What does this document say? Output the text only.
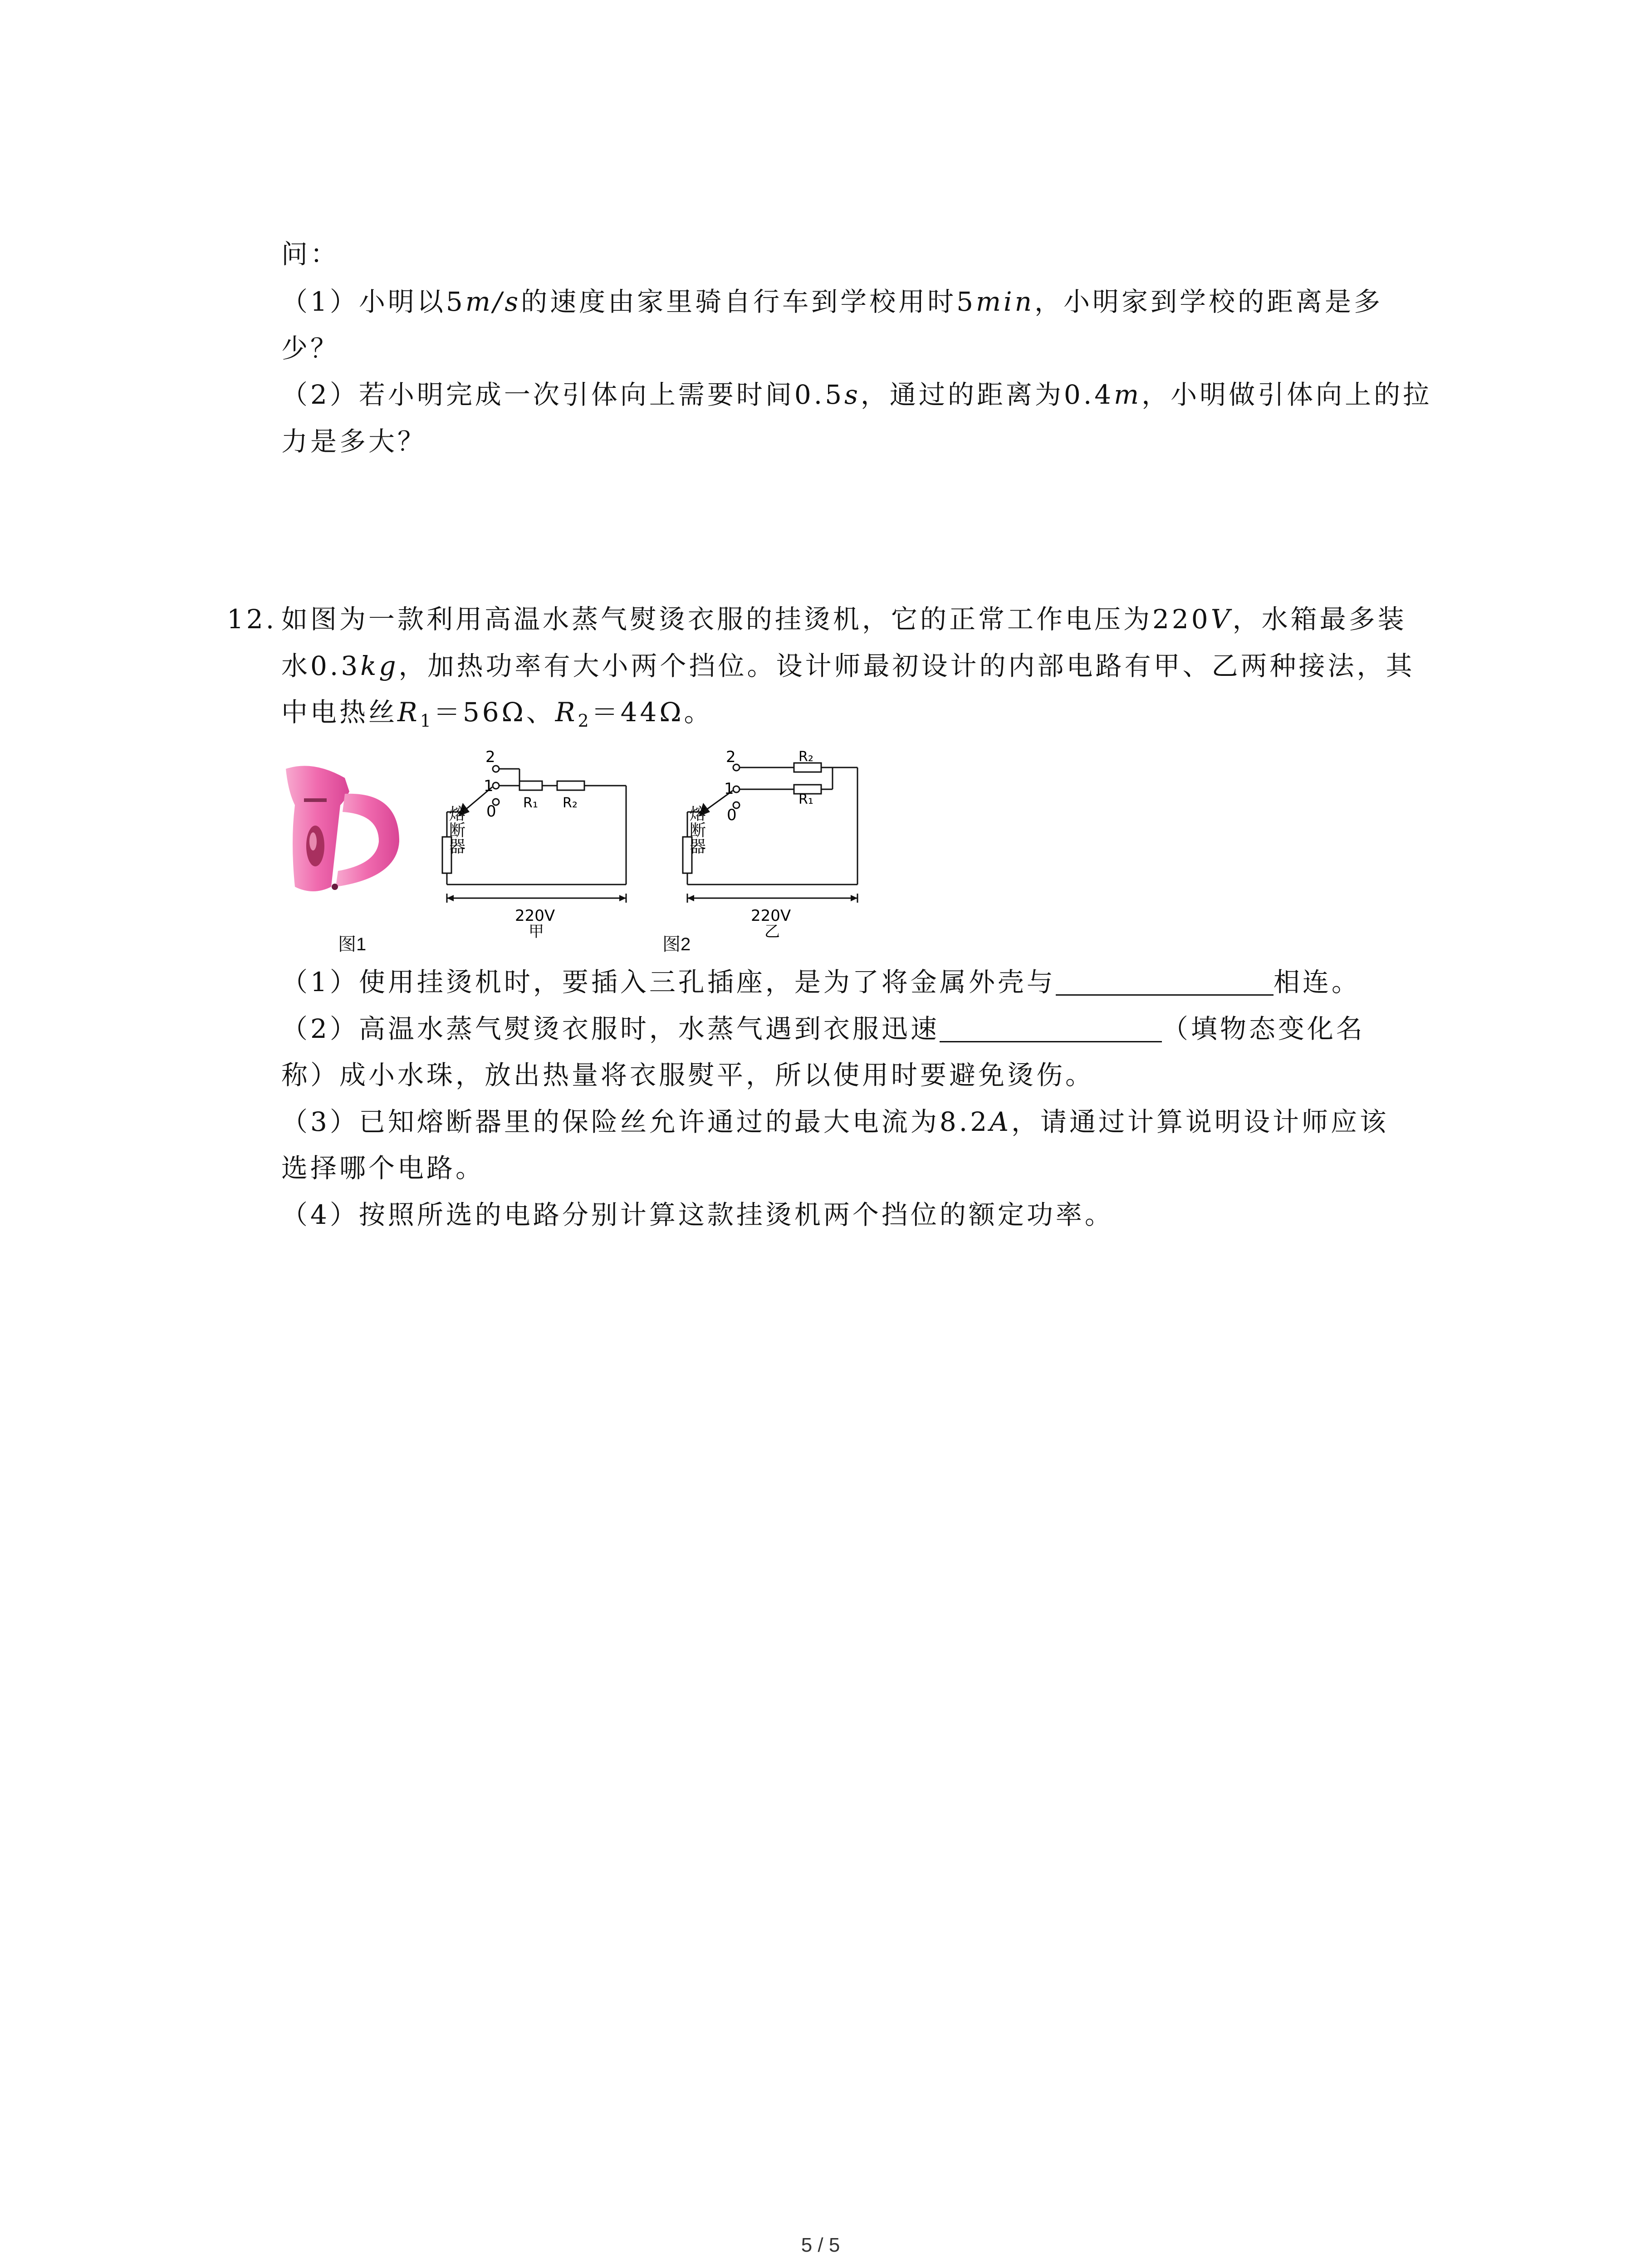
问：
（1）小明以5m/s的速度由家里骑自行车到学校用时5min，小明家到学校的距离是多
少？
（2）若小明完成一次引体向上需要时间0.5s，通过的距离为0.4m，小明做引体向上的拉
力是多大？
12. 如图为一款利用高温水蒸气熨烫衣服的挂烫机，它的正常工作电压为220V，水箱最多装
水0.3kg，加热功率有大小两个挡位。设计师最初设计的内部电路有甲、乙两种接法，其
中电热丝$R_1=56\Omega$、$R_2=44\Omega$。
图1
2
1
0 R₁ R₂
熔断器
220V
甲
2
1
0
R₂
R₁
熔断器
220V
乙
图2
（1）使用挂烫机时，要插入三孔插座，是为了将金属外壳与	相连。
（2）高温水蒸气熨烫衣服时，水蒸气遇到衣服迅速	（填物态变化名
称）成小水珠，放出热量将衣服熨平，所以使用时要避免烫伤。
（3）已知熔断器里的保险丝允许通过的最大电流为8.2A，请通过计算说明设计师应该
选择哪个电路。
（4）按照所选的电路分别计算这款挂烫机两个挡位的额定功率。
5 / 5
